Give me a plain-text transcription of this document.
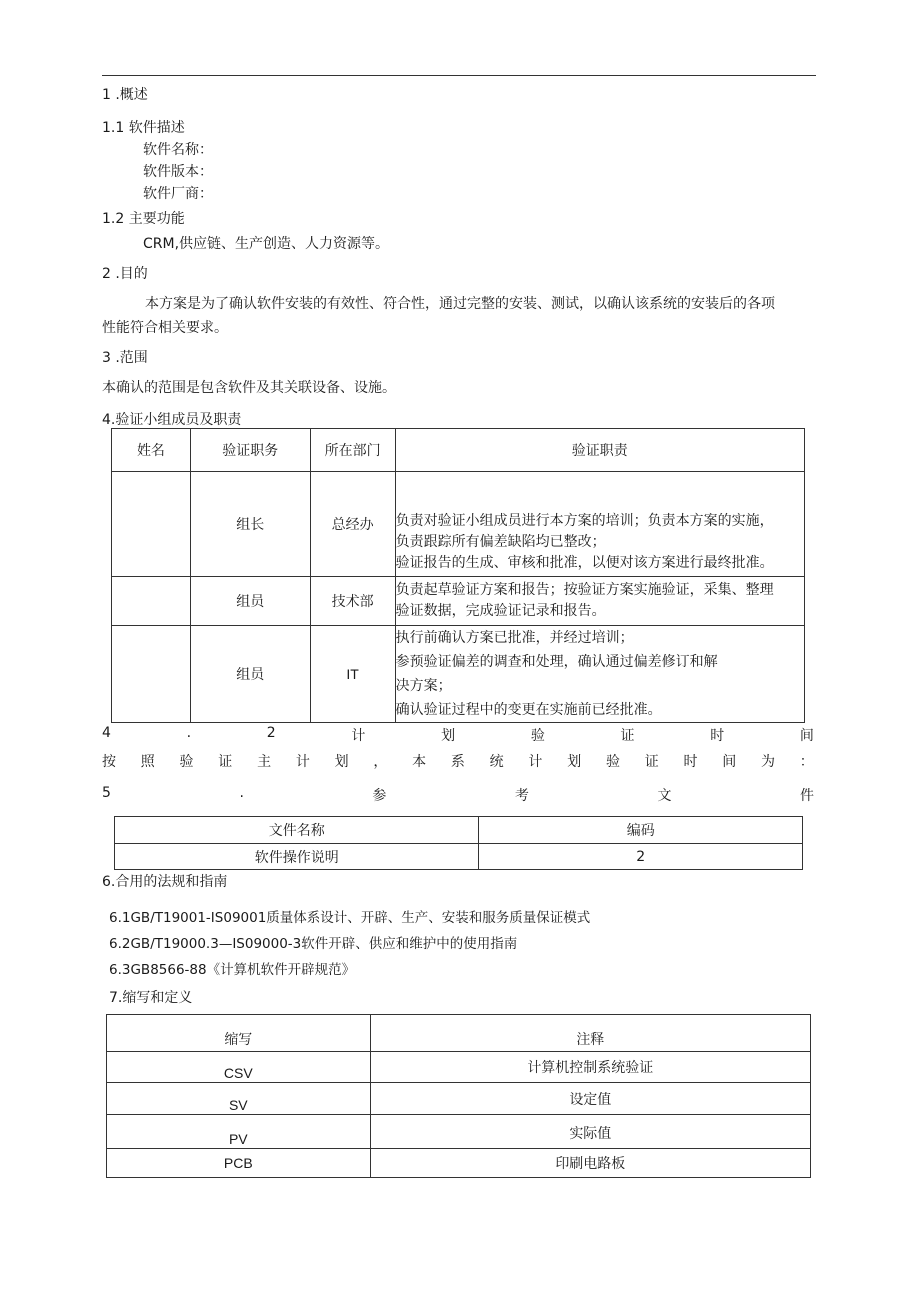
1 .概述
1.1 软件描述
软件名称：
软件版本：
软件厂商：
1.2 主要功能
CRM,供应链、生产创造、人力资源等。
2 .目的
本方案是为了确认软件安装的有效性、符合性，通过完整的安装、测试，以确认该系统的安装后的各项
性能符合相关要求。
3 .范围
本确认的范围是包含软件及其关联设备、设施。
4.验证小组成员及职责
姓名	验证职务	所在部门	验证职责
	组长	总经办	负责对验证小组成员进行本方案的培训；负责本方案的实施，
负责跟踪所有偏差缺陷均已整改；
验证报告的生成、审核和批准，以便对该方案进行最终批准。

	组员	技术部	负责起草验证方案和报告；按验证方案实施验证，采集、整理
验证数据，完成验证记录和报告。

	组员	IT	执行前确认方案已批准，并经过培训；
参预验证偏差的调查和处理，确认通过偏差修订和解
决方案；
确认验证过程中的变更在实施前已经批准。
4	.	2	计	划	验	证	时	间
按 照 验 证 主 计 划 ， 本 系 统 计 划 验 证 时 间 为 ：
5	.	参	考	文	件
文件名称	编码
软件操作说明	2
6.合用的法规和指南
6.1GB/T19001-IS09001质量体系设计、开辟、生产、安装和服务质量保证模式
6.2GB/T19000.3—IS09000-3软件开辟、供应和维护中的使用指南
6.3GB8566-88《计算机软件开辟规范》
7.缩写和定义
缩写	注释
CSV	计算机控制系统验证
SV	设定值
PV	实际值
PCB	印刷电路板
